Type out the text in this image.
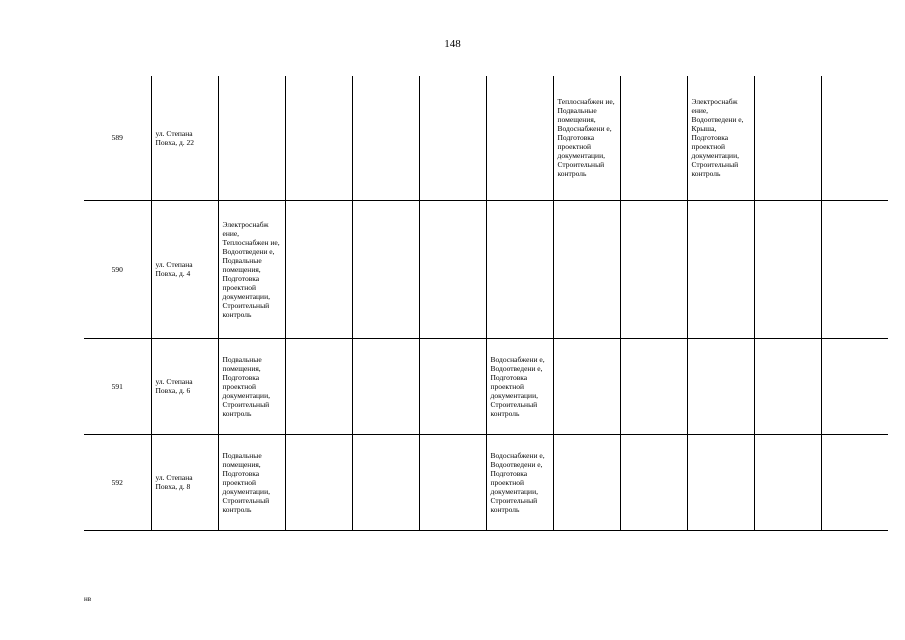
148
589	ул. Степана Повха, д. 22						Теплоснабжен ие, Подвальные помещения, Водоснабжени е, Подготовка проектной документации, Строительный контроль		Электроснабж ение, Водоотведени е, Крыша, Подготовка проектной документации, Строительный контроль		
590	ул. Степана Повха, д. 4	Электроснабж ение, Теплоснабжен ие, Водоотведени е, Подвальные помещения, Подготовка проектной документации, Строительный контроль									
591	ул. Степана Повха, д. 6	Подвальные помещения, Подготовка проектной документации, Строительный контроль				Водоснабжени е, Водоотведени е, Подготовка проектной документации, Строительный контроль					
592	ул. Степана Повха, д. 8	Подвальные помещения, Подготовка проектной документации, Строительный контроль				Водоснабжени е, Водоотведени е, Подготовка проектной документации, Строительный контроль					
нв
